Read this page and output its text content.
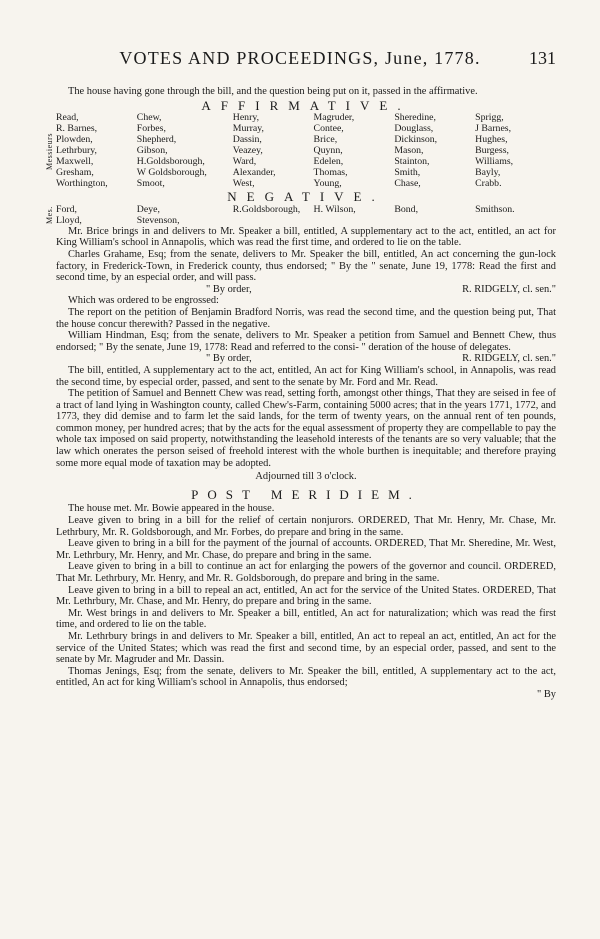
VOTES AND PROCEEDINGS, June, 1778.	131

The house having gone through the bill, and the question being put on it, passed in the affirmative.

AFFIRMATIVE.
Messieurs
Read,	Chew,	Henry,	Magruder,	Sheredine,	Sprigg,
R. Barnes,	Forbes,	Murray,	Contee,	Douglass,	J Barnes,
Plowden,	Shepherd,	Dassin,	Brice,	Dickinson,	Hughes,
Lethrbury,	Gibson,	Veazey,	Quynn,	Mason,	Burgess,
Maxwell,	H.Goldsborough,	Ward,	Edelen,	Stainton,	Williams,
Gresham,	W Goldsborough,	Alexander,	Thomas,	Smith,	Bayly,
Worthington,	Smoot,	West,	Young,	Chase,	Crabb.
NEGATIVE.
Mes. Ford,	Deye,	R.Goldsborough,	H. Wilson,	Bond,	Smithson.
Lloyd,	Stevenson,				

Mr. Brice brings in and delivers to Mr. Speaker a bill, entitled, A supplementary act to the act, entitled, an act for King William's school in Annapolis, which was read the first time, and ordered to lie on the table.

Charles Grahame, Esq; from the senate, delivers to Mr. Speaker the bill, entitled, An act concerning the gun-lock factory, in Frederick-Town, in Frederick county, thus endorsed; " By the " senate, June 19, 1778: Read the first and second time, by an especial order, and will pass.

" By order,	R. RIDGELY, cl. sen."

Which was ordered to be engrossed:

The report on the petition of Benjamin Bradford Norris, was read the second time, and the question being put, That the house concur therewith? Passed in the negative.

William Hindman, Esq; from the senate, delivers to Mr. Speaker a petition from Samuel and Bennett Chew, thus endorsed; " By the senate, June 19, 1778: Read and referred to the consi- " deration of the house of delegates.

" By order,	R. RIDGELY, cl. sen."

The bill, entitled, A supplementary act to the act, entitled, An act for King William's school, in Annapolis, was read the second time, by especial order, passed, and sent to the senate by Mr. Ford and Mr. Read.

The petition of Samuel and Bennett Chew was read, setting forth, amongst other things, That they are seised in fee of a tract of land lying in Washington county, called Chew's-Farm, containing 5000 acres; that in the years 1771, 1772, and 1773, they did demise and to farm let the said lands, for the term of twenty years, on the annual rent of ten pounds, common money, per hundred acres; that by the acts for the equal assessment of property they are compellable to pay the whole tax imposed on said property, notwithstanding the leasehold interests of the tenants are so very valuable; that the law which onerates the person seised of freehold interest with the whole burthen is inequitable; and therefore praying some more equal mode of taxation may be adopted.

Adjourned till 3 o'clock.
POST MERIDIEM.

The house met. Mr. Bowie appeared in the house.

Leave given to bring in a bill for the relief of certain nonjurors. ORDERED, That Mr. Henry, Mr. Chase, Mr. Lethrbury, Mr. R. Goldsborough, and Mr. Forbes, do prepare and bring in the same.

Leave given to bring in a bill for the payment of the journal of accounts. ORDERED, That Mr. Sheredine, Mr. West, Mr. Lethrbury, Mr. Henry, and Mr. Chase, do prepare and bring in the same.

Leave given to bring in a bill to continue an act for enlarging the powers of the governor and council. ORDERED, That Mr. Lethrbury, Mr. Henry, and Mr. R. Goldsborough, do prepare and bring in the same.

Leave given to bring in a bill to repeal an act, entitled, An act for the service of the United States. ORDERED, That Mr. Lethrbury, Mr. Chase, and Mr. Henry, do prepare and bring in the same.

Mr. West brings in and delivers to Mr. Speaker a bill, entitled, An act for naturalization; which was read the first time, and ordered to lie on the table.

Mr. Lethrbury brings in and delivers to Mr. Speaker a bill, entitled, An act to repeal an act, entitled, An act for the service of the United States; which was read the first and second time, by an especial order, passed, and sent to the senate by Mr. Magruder and Mr. Dassin.

Thomas Jenings, Esq; from the senate, delivers to Mr. Speaker the bill, entitled, A supplementary act to the act, entitled, An act for king William's school in Annapolis, thus endorsed;

" By
